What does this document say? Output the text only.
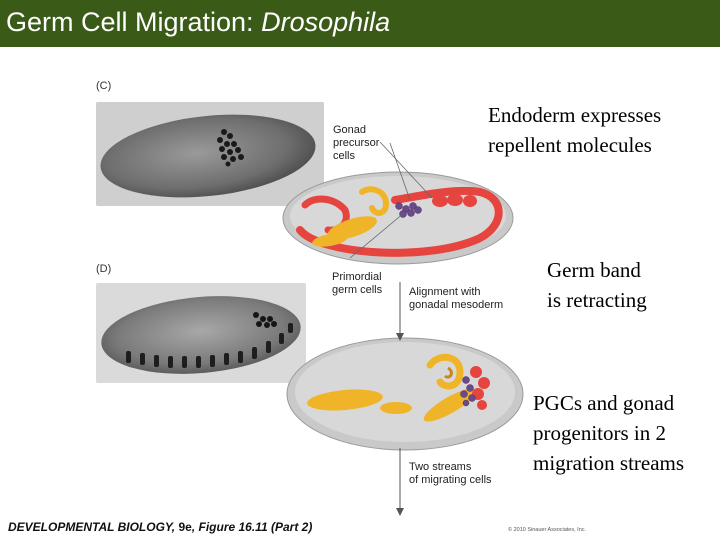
Germ Cell Migration: Drosophila
(C)
(D)
Gonad
precursor
cells
Primordial
germ cells Alignment with
gonadal mesoderm
Two streams
of migrating cells
Endoderm expresses
repellent molecules
Germ band
is retracting
PGCs and gonad
progenitors in 2
migration streams
DEVELOPMENTAL BIOLOGY, 9e, Figure 16.11 (Part 2)	© 2010 Sinauer Associates, Inc.
